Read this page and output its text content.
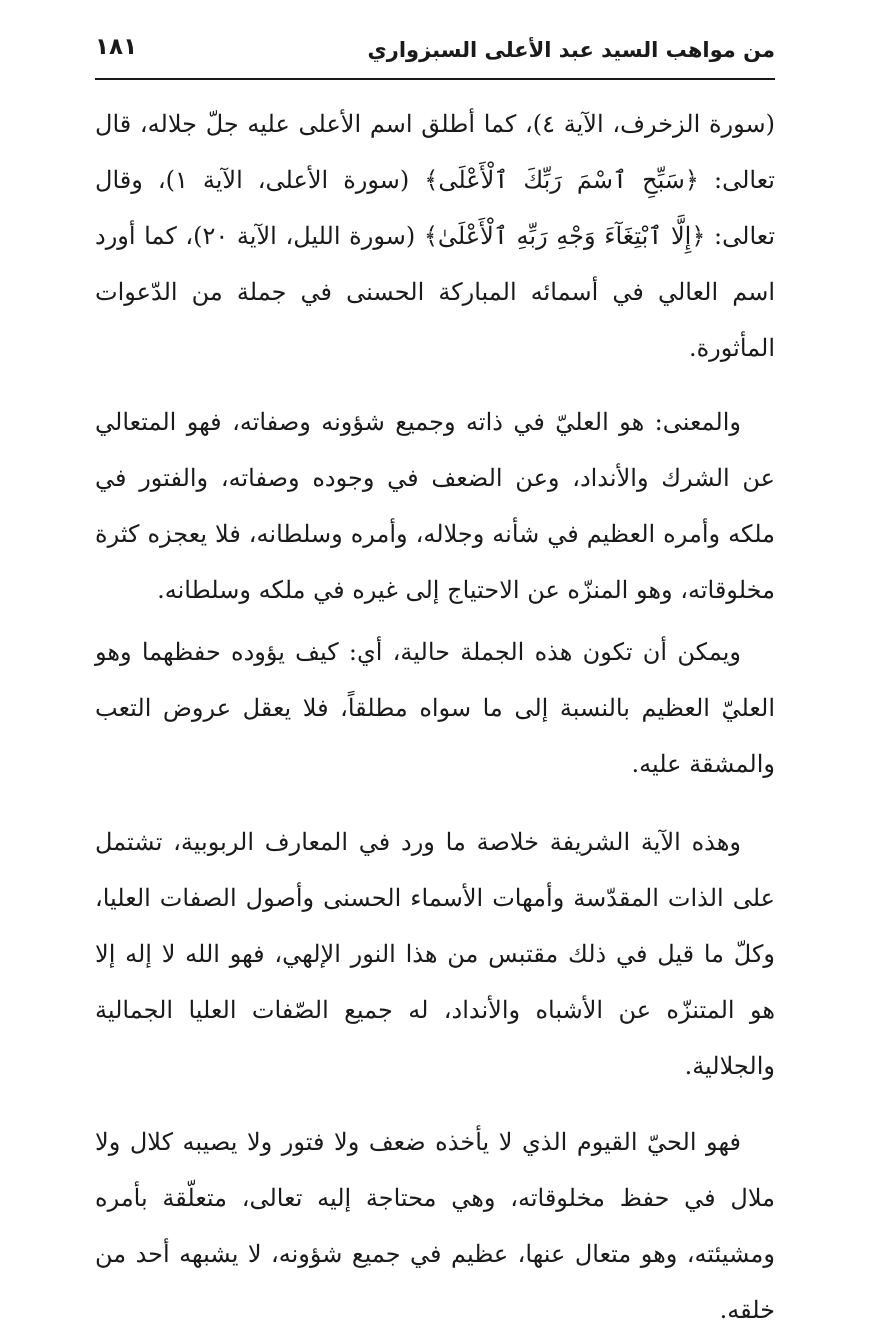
من مواهب السيد عبد الأعلى السبزواري
١٨١

(سورة الزخرف، الآية ٤)، كما أطلق اسم الأعلى عليه جلّ جلاله، قال تعالى: ﴿سَبِّحِ ٱسْمَ رَبِّكَ ٱلْأَعْلَى﴾ (سورة الأعلى، الآية ١)، وقال تعالى: ﴿إِلَّا ٱبْتِغَآءَ وَجْهِ رَبِّهِ ٱلْأَعْلَىٰ﴾ (سورة الليل، الآية ٢٠)، كما أورد اسم العالي في أسمائه المباركة الحسنى في جملة من الدّعوات المأثورة.

والمعنى: هو العليّ في ذاته وجميع شؤونه وصفاته، فهو المتعالي عن الشرك والأنداد، وعن الضعف في وجوده وصفاته، والفتور في ملكه وأمره العظيم في شأنه وجلاله، وأمره وسلطانه، فلا يعجزه كثرة مخلوقاته، وهو المنزّه عن الاحتياج إلى غيره في ملكه وسلطانه.

ويمكن أن تكون هذه الجملة حالية، أي: كيف يؤوده حفظهما وهو العليّ العظيم بالنسبة إلى ما سواه مطلقاً، فلا يعقل عروض التعب والمشقة عليه.

وهذه الآية الشريفة خلاصة ما ورد في المعارف الربوبية، تشتمل على الذات المقدّسة وأمهات الأسماء الحسنى وأصول الصفات العليا، وكلّ ما قيل في ذلك مقتبس من هذا النور الإلهي، فهو الله لا إله إلا هو المتنزّه عن الأشباه والأنداد، له جميع الصّفات العليا الجمالية والجلالية.

فهو الحيّ القيوم الذي لا يأخذه ضعف ولا فتور ولا يصيبه كلال ولا ملال في حفظ مخلوقاته، وهي محتاجة إليه تعالى، متعلّقة بأمره ومشيئته، وهو متعال عنها، عظيم في جميع شؤونه، لا يشبهه أحد من خلقه.
